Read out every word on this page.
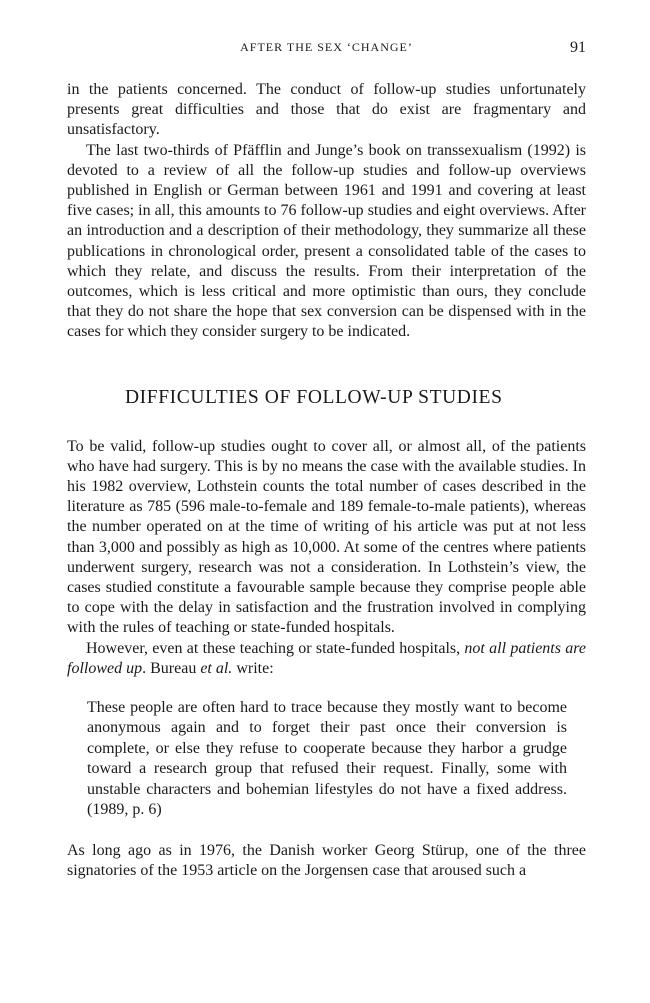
AFTER THE SEX ‘CHANGE’	91

in the patients concerned. The conduct of follow-up studies unfortunately presents great difficulties and those that do exist are fragmentary and unsatisfactory.

The last two-thirds of Pfäfflin and Junge’s book on transsexualism (1992) is devoted to a review of all the follow-up studies and follow-up overviews published in English or German between 1961 and 1991 and covering at least five cases; in all, this amounts to 76 follow-up studies and eight overviews. After an introduction and a description of their methodology, they summarize all these publications in chronological order, present a consolidated table of the cases to which they relate, and discuss the results. From their interpretation of the outcomes, which is less critical and more optimistic than ours, they conclude that they do not share the hope that sex conversion can be dispensed with in the cases for which they consider surgery to be indicated.

DIFFICULTIES OF FOLLOW-UP STUDIES

To be valid, follow-up studies ought to cover all, or almost all, of the patients who have had surgery. This is by no means the case with the available studies. In his 1982 overview, Lothstein counts the total number of cases described in the literature as 785 (596 male-to-female and 189 female-to-male patients), whereas the number operated on at the time of writing of his article was put at not less than 3,000 and possibly as high as 10,000. At some of the centres where patients underwent surgery, research was not a consideration. In Lothstein’s view, the cases studied constitute a favourable sample because they comprise people able to cope with the delay in satisfaction and the frustration involved in complying with the rules of teaching or state-funded hospitals.

However, even at these teaching or state-funded hospitals, not all patients are followed up. Bureau et al. write:

These people are often hard to trace because they mostly want to become anonymous again and to forget their past once their conversion is complete, or else they refuse to cooperate because they harbor a grudge toward a research group that refused their request. Finally, some with unstable characters and bohemian lifestyles do not have a fixed address. (1989, p. 6)

As long ago as in 1976, the Danish worker Georg Stürup, one of the three signatories of the 1953 article on the Jorgensen case that aroused such a
